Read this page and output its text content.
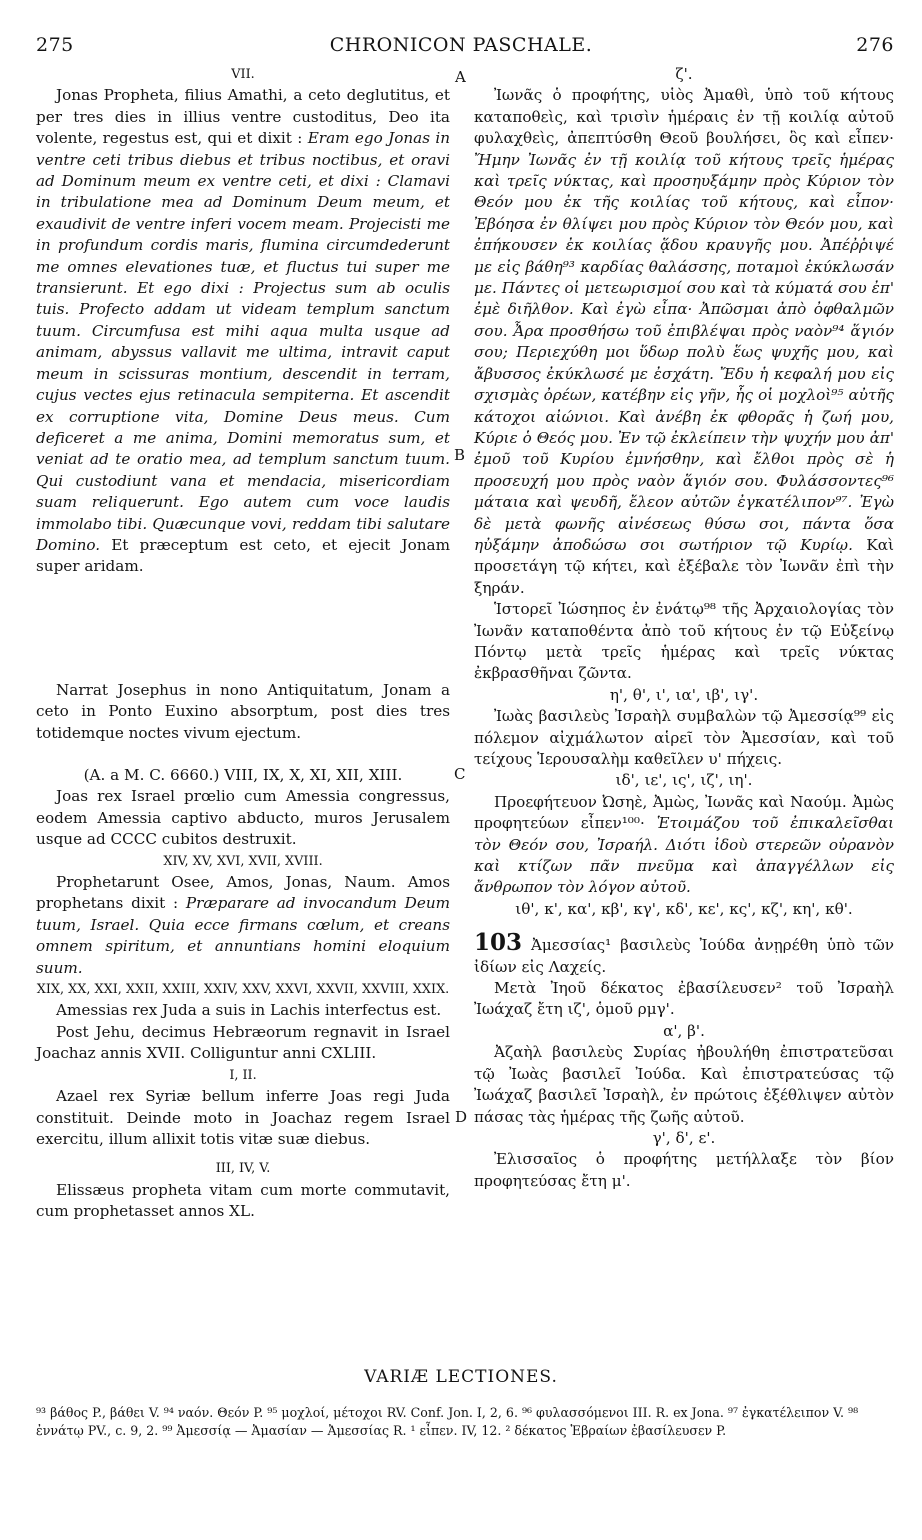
275	CHRONICON PASCHALE.	276
A
B
C
D

VII.

Jonas Propheta, filius Amathi, a ceto deglutitus, et per tres dies in illius ventre custoditus, Deo ita volente, regestus est, qui et dixit : Eram ego Jonas in ventre ceti tribus diebus et tribus noctibus, et oravi ad Dominum meum ex ventre ceti, et dixi : Clamavi in tribulatione mea ad Dominum Deum meum, et exaudivit de ventre inferi vocem meam. Projecisti me in profundum cordis maris, flumina circumdederunt me omnes elevationes tuæ, et fluctus tui super me transierunt. Et ego dixi : Projectus sum ab oculis tuis. Profecto addam ut videam templum sanctum tuum. Circumfusa est mihi aqua multa usque ad animam, abyssus vallavit me ultima, intravit caput meum in scissuras montium, descendit in terram, cujus vectes ejus retinacula sempiterna. Et ascendit ex corruptione vita, Domine Deus meus. Cum deficeret a me anima, Domini memoratus sum, et veniat ad te oratio mea, ad templum sanctum tuum. Qui custodiunt vana et mendacia, misericordiam suam reliquerunt. Ego autem cum voce laudis immolabo tibi. Quæcunque vovi, reddam tibi salutare Domino. Et præceptum est ceto, et ejecit Jonam super aridam.

Narrat Josephus in nono Antiquitatum, Jonam a ceto in Ponto Euxino absorptum, post dies tres totidemque noctes vivum ejectum.

(A. a M. C. 6660.) VIII, IX, X, XI, XII, XIII.

Joas rex Israel prœlio cum Amessia congressus, eodem Amessia captivo abducto, muros Jerusalem usque ad CCCC cubitos destruxit.

XIV, XV, XVI, XVII, XVIII.

Prophetarunt Osee, Amos, Jonas, Naum. Amos prophetans dixit : Præparare ad invocandum Deum tuum, Israel. Quia ecce firmans cœlum, et creans omnem spiritum, et annuntians homini eloquium suum.

XIX, XX, XXI, XXII, XXIII, XXIV, XXV, XXVI, XXVII, XXVIII, XXIX.

Amessias rex Juda a suis in Lachis interfectus est.

Post Jehu, decimus Hebræorum regnavit in Israel Joachaz annis XVII. Colliguntur anni CXLIII.

I, II.

Azael rex Syriæ bellum inferre Joas regi Juda constituit. Deinde moto in Joachaz regem Israel exercitu, illum allixit totis vitæ suæ diebus.

III, IV, V.

Elissæus propheta vitam cum morte commutavit, cum prophetasset annos XL.

ζ'.

Ἰωνᾶς ὁ προφήτης, υἱὸς Ἀμαθὶ, ὑπὸ τοῦ κήτους καταποθεὶς, καὶ τρισὶν ἡμέραις ἐν τῇ κοιλίᾳ αὐτοῦ φυλαχθεὶς, ἀπεπτύσθη Θεοῦ βουλήσει, ὃς καὶ εἶπεν· Ἤμην Ἰωνᾶς ἐν τῇ κοιλίᾳ τοῦ κήτους τρεῖς ἡμέρας καὶ τρεῖς νύκτας, καὶ προσηυξάμην πρὸς Κύριον τὸν Θεόν μου ἐκ τῆς κοιλίας τοῦ κήτους, καὶ εἶπον· Ἐβόησα ἐν θλίψει μου πρὸς Κύριον τὸν Θεόν μου, καὶ ἐπήκουσεν ἐκ κοιλίας ᾅδου κραυγῆς μου. Ἀπέῤῥιψέ με εἰς βάθη⁹³ καρδίας θαλάσσης, ποταμοὶ ἐκύκλωσάν με. Πάντες οἱ μετεωρισμοί σου καὶ τὰ κύματά σου ἐπ' ἐμὲ διῆλθον. Καὶ ἐγὼ εἶπα· Ἀπῶσμαι ἀπὸ ὀφθαλμῶν σου. Ἆρα προσθήσω τοῦ ἐπιβλέψαι πρὸς ναὸν⁹⁴ ἅγιόν σου; Περιεχύθη μοι ὕδωρ πολὺ ἕως ψυχῆς μου, καὶ ἄβυσσος ἐκύκλωσέ με ἐσχάτη. Ἔδυ ἡ κεφαλή μου εἰς σχισμὰς ὀρέων, κατέβην εἰς γῆν, ἧς οἱ μοχλοὶ⁹⁵ αὐτῆς κάτοχοι αἰώνιοι. Καὶ ἀνέβη ἐκ φθορᾶς ἡ ζωή μου, Κύριε ὁ Θεός μου. Ἐν τῷ ἐκλείπειν τὴν ψυχήν μου ἀπ' ἐμοῦ τοῦ Κυρίου ἐμνήσθην, καὶ ἔλθοι πρὸς σὲ ἡ προσευχή μου πρὸς ναὸν ἅγιόν σου. Φυλάσσοντες⁹⁶ μάταια καὶ ψευδῆ, ἔλεον αὐτῶν ἐγκατέλιπον⁹⁷. Ἐγὼ δὲ μετὰ φωνῆς αἰνέσεως θύσω σοι, πάντα ὅσα ηὐξάμην ἀποδώσω σοι σωτήριον τῷ Κυρίῳ. Καὶ προσετάγη τῷ κήτει, καὶ ἐξέβαλε τὸν Ἰωνᾶν ἐπὶ τὴν ξηράν.

Ἱστορεῖ Ἰώσηπος ἐν ἐνάτῳ⁹⁸ τῆς Ἀρχαιολογίας τὸν Ἰωνᾶν καταποθέντα ἀπὸ τοῦ κήτους ἐν τῷ Εὐξείνῳ Πόντῳ μετὰ τρεῖς ἡμέρας καὶ τρεῖς νύκτας ἐκβρασθῆναι ζῶντα.

η', θ', ι', ια', ιβ', ιγ'.

Ἰωὰς βασιλεὺς Ἰσραὴλ συμβαλὼν τῷ Ἀμεσσίᾳ⁹⁹ εἰς πόλεμον αἰχμάλωτον αἱρεῖ τὸν Ἀμεσσίαν, καὶ τοῦ τείχους Ἱερουσαλὴμ καθεῖλεν υ' πήχεις.

ιδ', ιε', ις', ιζ', ιη'.

Προεφήτευον Ὠσηὲ, Ἀμὼς, Ἰωνᾶς καὶ Ναούμ. Ἀμὼς προφητεύων εἶπεν¹⁰⁰· Ἑτοιμάζου τοῦ ἐπικαλεῖσθαι τὸν Θεόν σου, Ἰσραήλ. Διότι ἰδοὺ στερεῶν οὐρανὸν καὶ κτίζων πᾶν πνεῦμα καὶ ἀπαγγέλλων εἰς ἄνθρωπον τὸν λόγον αὐτοῦ.

ιθ', κ', κα', κβ', κγ', κδ', κε', κς', κζ', κη', κθ'.

103 Ἀμεσσίας¹ βασιλεὺς Ἰούδα ἀνῃρέθη ὑπὸ τῶν ἰδίων εἰς Λαχείς.

Μετὰ Ἰηοῦ δέκατος ἐβασίλευσεν² τοῦ Ἰσραὴλ Ἰωάχαζ ἔτη ιζ', ὁμοῦ ρμγ'.

α', β'.

Ἀζαὴλ βασιλεὺς Συρίας ἠβουλήθη ἐπιστρατεῦσαι τῷ Ἰωὰς βασιλεῖ Ἰούδα. Καὶ ἐπιστρατεύσας τῷ Ἰωάχαζ βασιλεῖ Ἰσραὴλ, ἐν πρώτοις ἐξέθλιψεν αὐτὸν πάσας τὰς ἡμέρας τῆς ζωῆς αὐτοῦ.

γ', δ', ε'.

Ἐλισσαῖος ὁ προφήτης μετήλλαξε τὸν βίον προφητεύσας ἔτη μ'.

VARIÆ LECTIONES.
⁹³ βάθος P., βάθει V. ⁹⁴ ναόν. Θεόν P. ⁹⁵ μοχλοί, μέτοχοι RV. Conf. Jon. I, 2, 6. ⁹⁶ φυλασσόμενοι III. R. ex Jona. ⁹⁷ ἐγκατέλειπον V. ⁹⁸ ἐννάτῳ PV., c. 9, 2. ⁹⁹ Ἀμεσσίᾳ — Ἀμασίαν — Ἀμεσσίας R. ¹ εἶπεν. IV, 12. ² δέκατος Ἑβραίων ἐβασίλευσεν P.
